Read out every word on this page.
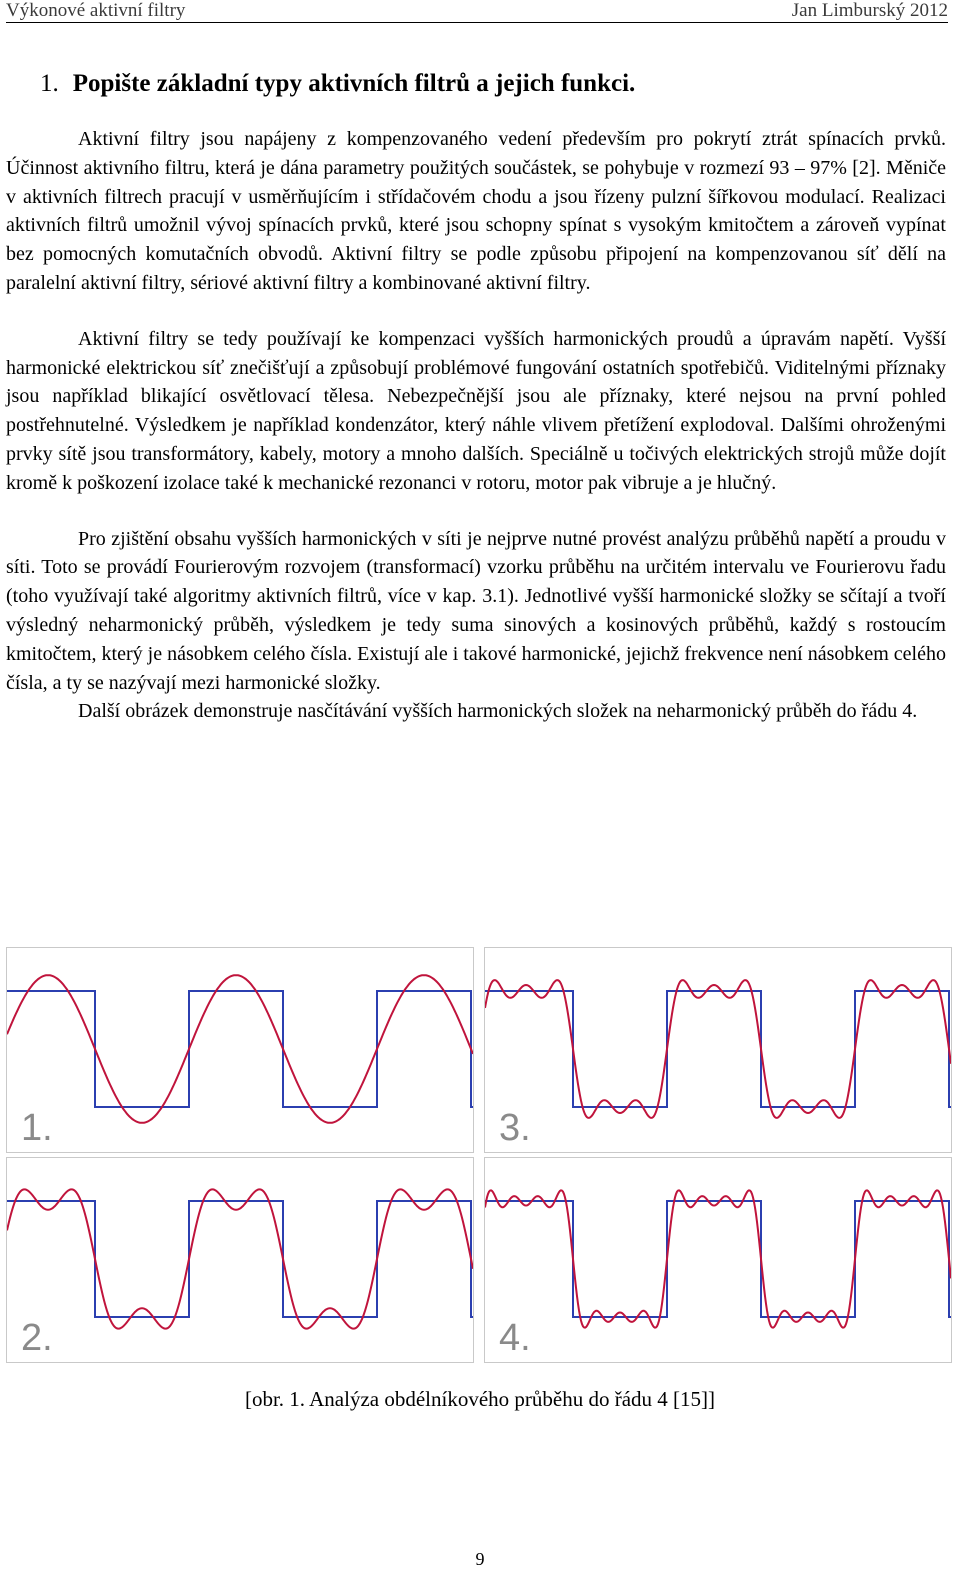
Výkonové aktivní filtry	Jan Limburský 2012
1. Popište základní typy aktivních filtrů a jejich funkci.

Aktivní filtry jsou napájeny z kompenzovaného vedení především pro pokrytí ztrát spínacích prvků. Účinnost aktivního filtru, která je dána parametry použitých součástek, se pohybuje v rozmezí 93 – 97% [2]. Měniče v aktivních filtrech pracují v usměrňujícím i střídačovém chodu a jsou řízeny pulzní šířkovou modulací. Realizaci aktivních filtrů umožnil vývoj spínacích prvků, které jsou schopny spínat s vysokým kmitočtem a zároveň vypínat bez pomocných komutačních obvodů. Aktivní filtry se podle způsobu připojení na kompenzovanou síť dělí na paralelní aktivní filtry, sériové aktivní filtry a kombinované aktivní filtry.

Aktivní filtry se tedy používají ke kompenzaci vyšších harmonických proudů a úpravám napětí. Vyšší harmonické elektrickou síť znečišťují a způsobují problémové fungování ostatních spotřebičů. Viditelnými příznaky jsou například blikající osvětlovací tělesa. Nebezpečnější jsou ale příznaky, které nejsou na první pohled postřehnutelné. Výsledkem je například kondenzátor, který náhle vlivem přetížení explodoval. Dalšími ohroženými prvky sítě jsou transformátory, kabely, motory a mnoho dalších. Speciálně u točivých elektrických strojů může dojít kromě k poškození izolace také k mechanické rezonanci v rotoru, motor pak vibruje a je hlučný.

Pro zjištění obsahu vyšších harmonických v síti je nejprve nutné provést analýzu průběhů napětí a proudu v síti. Toto se provádí Fourierovým rozvojem (transformací) vzorku průběhu na určitém intervalu ve Fourierovu řadu (toho využívají také algoritmy aktivních filtrů, více v kap. 3.1). Jednotlivé vyšší harmonické složky se sčítají a tvoří výsledný neharmonický průběh, výsledkem je tedy suma sinových a kosinových průběhů, každý s rostoucím kmitočtem, který je násobkem celého čísla. Existují ale i takové harmonické, jejichž frekvence není násobkem celého čísla, a ty se nazývají mezi harmonické složky.

Další obrázek demonstruje nasčítávání vyšších harmonických složek na neharmonický průběh do řádu 4.

1.	3.
2.	4.
[obr. 1. Analýza obdélníkového průběhu do řádu 4 [15]]
9
